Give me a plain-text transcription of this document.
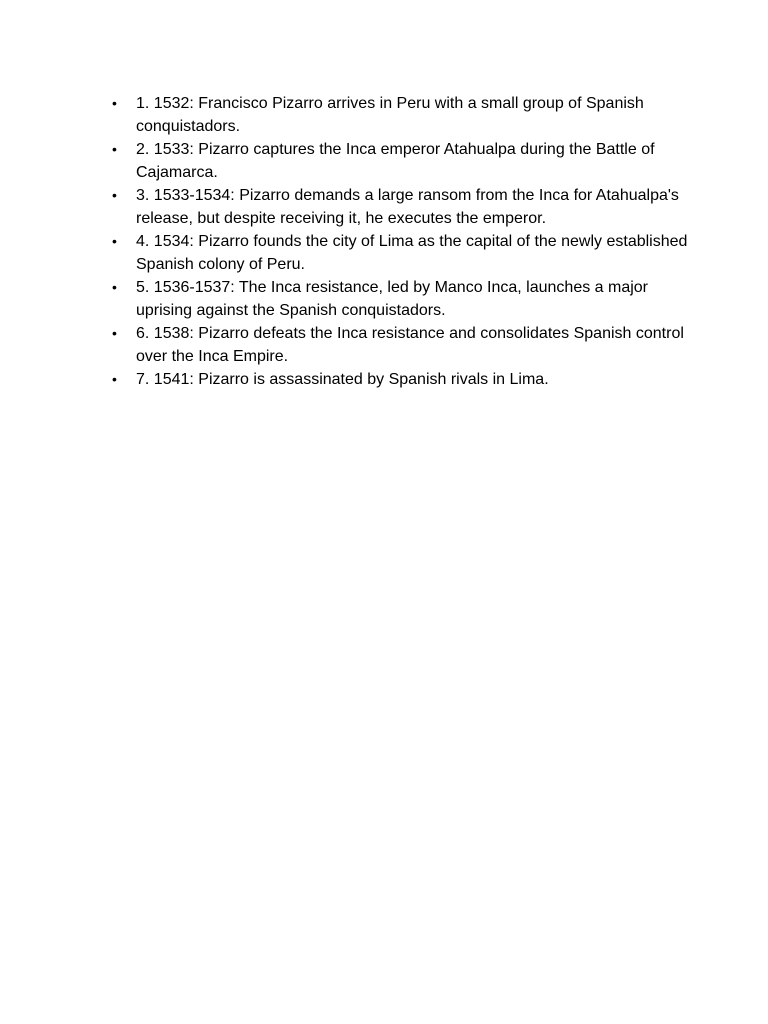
•	1. 1532: Francisco Pizarro arrives in Peru with a small group of Spanish conquistadors.
•	2. 1533: Pizarro captures the Inca emperor Atahualpa during the Battle of Cajamarca.
•	3. 1533-1534: Pizarro demands a large ransom from the Inca for Atahualpa's release, but despite receiving it, he executes the emperor.
•	4. 1534: Pizarro founds the city of Lima as the capital of the newly established Spanish colony of Peru.
•	5. 1536-1537: The Inca resistance, led by Manco Inca, launches a major uprising against the Spanish conquistadors.
•	6. 1538: Pizarro defeats the Inca resistance and consolidates Spanish control over the Inca Empire.
•	7. 1541: Pizarro is assassinated by Spanish rivals in Lima.
